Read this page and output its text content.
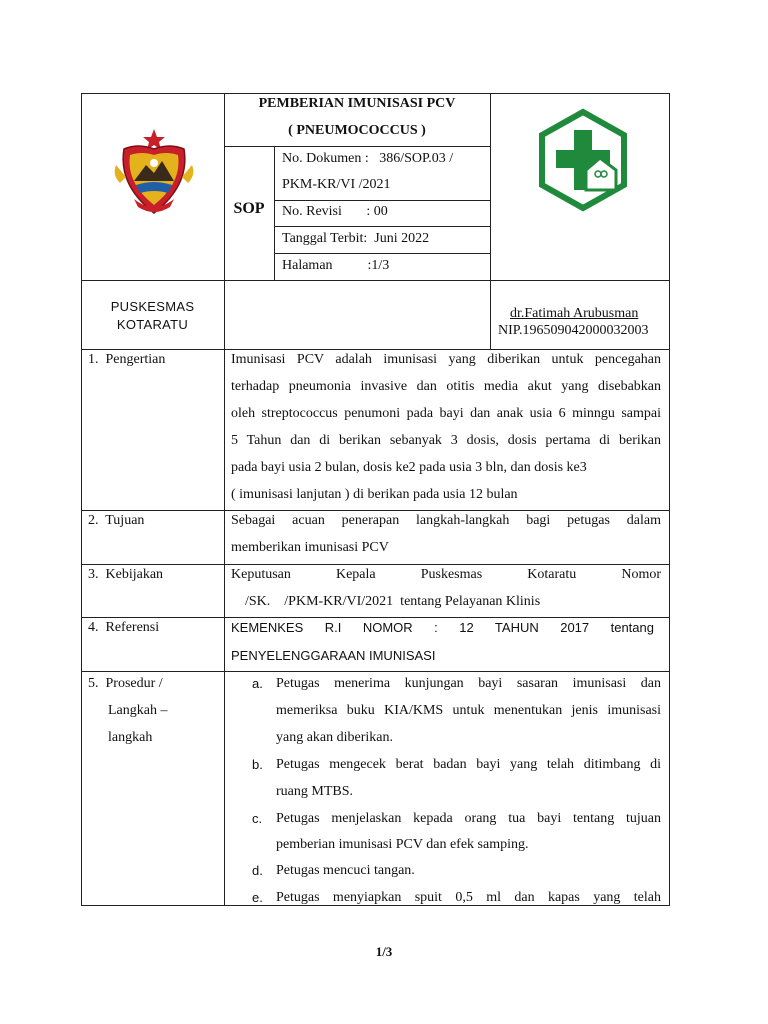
PEMBERIAN IMUNISASI PCV
( PNEUMOCOCCUS )
SOP
No. Dokumen :   386/SOP.03 /
PKM-KR/VI /2021
No. Revisi       : 00
Tanggal Terbit:  Juni 2022
Halaman          :1/3
PUSKESMAS
KOTARATU
dr.Fatimah Arubusman
NIP.196509042000032003
1.  Pengertian	Imunisasi PCV adalah imunisasi yang diberikan untuk pencegahan
terhadap pneumonia invasive dan otitis media akut yang disebabkan
oleh streptococcus penumoni pada bayi dan anak usia 6 minngu sampai
5 Tahun dan di berikan sebanyak 3 dosis, dosis pertama di berikan
pada bayi usia 2 bulan, dosis ke2 pada usia 3 bln, dan dosis ke3
( imunisasi lanjutan ) di berikan pada usia 12 bulan
2.  Tujuan	Sebagai acuan penerapan langkah-langkah bagi petugas dalam
memberikan imunisasi PCV
3.  Kebijakan	Keputusan Kepala Puskesmas Kotaratu Nomor
/SK.    /PKM-KR/VI/2021  tentang Pelayanan Klinis
4.  Referensi	KEMENKES R.I NOMOR : 12 TAHUN 2017 tentang
PENYELENGGARAAN IMUNISASI
5.  Prosedur /
Langkah –
langkah
a. Petugas menerima kunjungan bayi sasaran imunisasi dan
memeriksa buku KIA/KMS untuk menentukan jenis imunisasi
yang akan diberikan.
b. Petugas mengecek berat badan bayi yang telah ditimbang di
ruang MTBS.
c. Petugas menjelaskan kepada orang tua bayi tentang tujuan
pemberian imunisasi PCV dan efek samping.
d. Petugas mencuci tangan.
e. Petugas menyiapkan spuit 0,5 ml dan kapas yang telah
1/3
